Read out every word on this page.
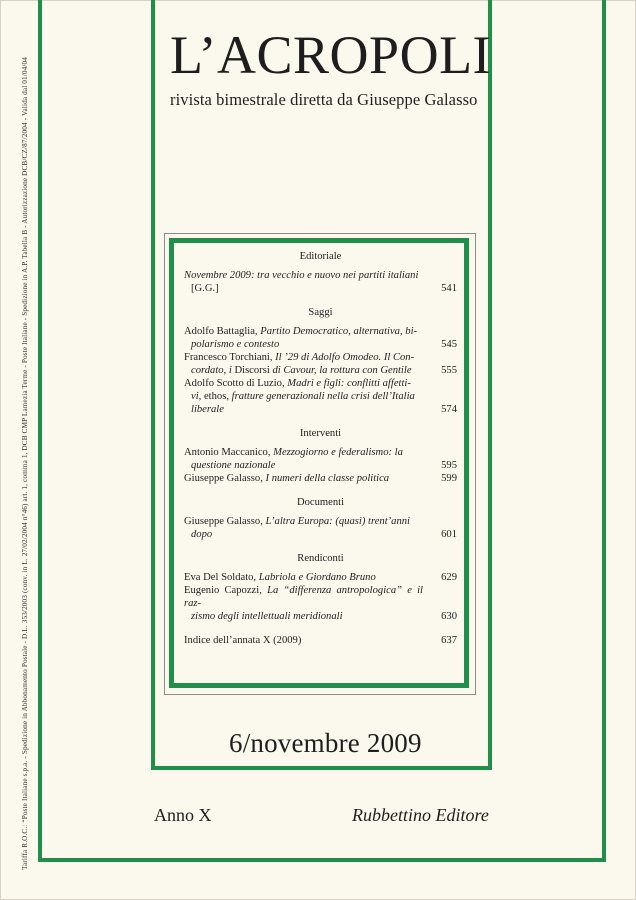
Tariffa R.O.C.: “Poste Italiane s.p.a. - Spedizione in Abbonamento Postale - D.L. 353/2003 (conv. in L. 27/02/2004 n°46) art. 1, comma 1, DCB CMP Lamezia Terme - Poste Italiane - Spedizione in A.P. Tabella B - Autorizzazione DCB/CZ/87/2004 - Valida dal 01/04/04
L’ACROPOLI
rivista bimestrale diretta da Giuseppe Galasso
Editoriale
Novembre 2009: tra vecchio e nuovo nei partiti italiani
[G.G.]	541
Saggi
Adolfo Battaglia, Partito Democratico, alternativa, bi-
polarismo e contesto	545
Francesco Torchiani, Il ’29 di Adolfo Omodeo. Il Con-
cordato, i Discorsi di Cavour, la rottura con Gentile	555
Adolfo Scotto di Luzio, Madri e figli: conflitti affetti-
vi, ethos, fratture generazionali nella crisi dell’Italia
liberale	574
Interventi
Antonio Maccanico, Mezzogiorno e federalismo: la
questione nazionale	595
Giuseppe Galasso, I numeri della classe politica	599
Documenti
Giuseppe Galasso, L’altra Europa: (quasi) trent’anni
dopo	601
Rendiconti
Eva Del Soldato, Labriola e Giordano Bruno	629
Eugenio Capozzi, La “differenza antropologica” e il raz-
zismo degli intellettuali meridionali	630
Indice dell’annata X (2009)	637
6/novembre 2009
Anno X	Rubbettino Editore
